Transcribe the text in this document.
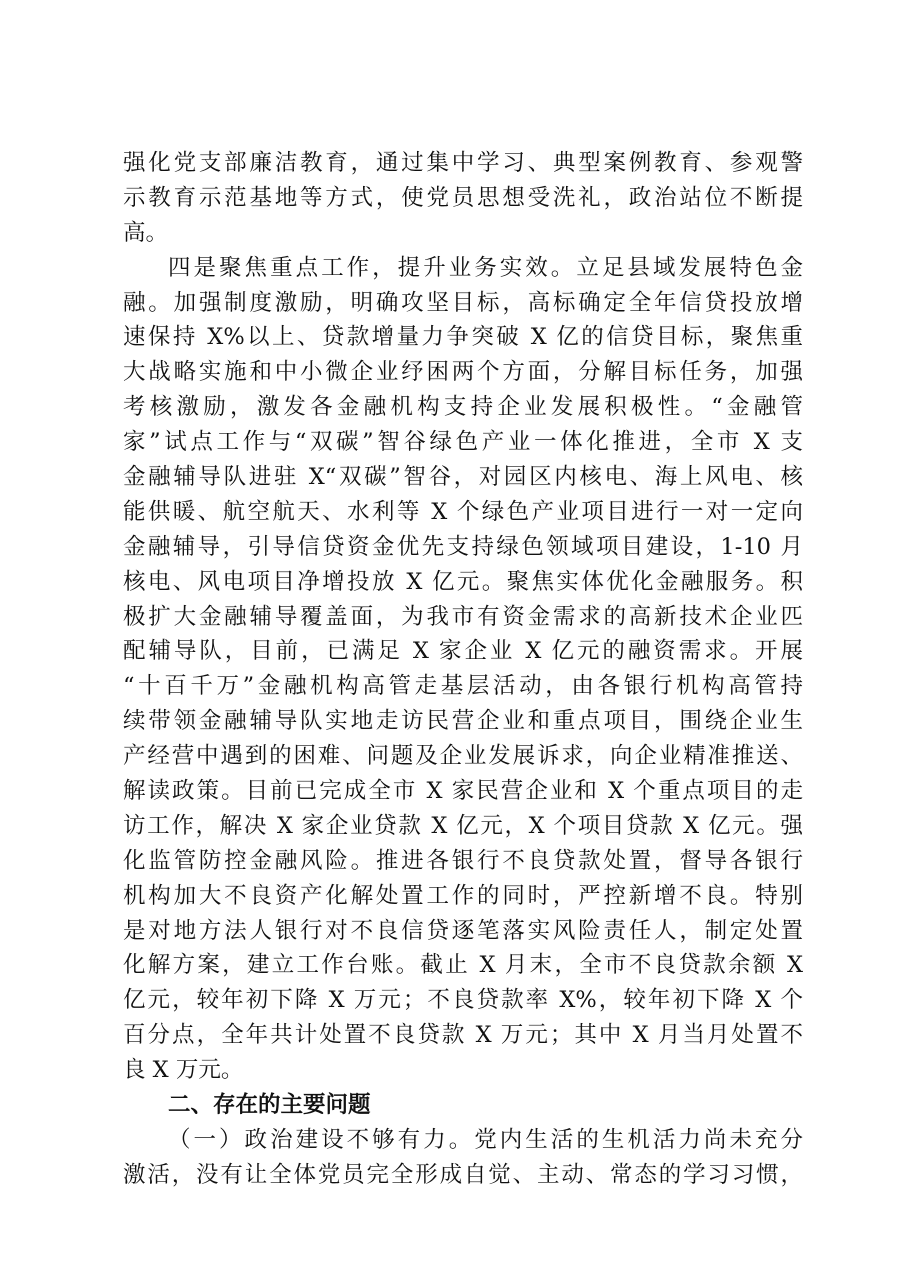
强化党支部廉洁教育，通过集中学习、典型案例教育、参观警
示教育示范基地等方式，使党员思想受洗礼，政治站位不断提
高。
四是聚焦重点工作，提升业务实效。立足县域发展特色金
融。加强制度激励，明确攻坚目标，高标确定全年信贷投放增
速保持 X%以上、贷款增量力争突破 X 亿的信贷目标，聚焦重
大战略实施和中小微企业纾困两个方面，分解目标任务，加强
考核激励，激发各金融机构支持企业发展积极性。“金融管
家”试点工作与“双碳”智谷绿色产业一体化推进，全市 X 支
金融辅导队进驻 X“双碳”智谷，对园区内核电、海上风电、核
能供暖、航空航天、水利等 X 个绿色产业项目进行一对一定向
金融辅导，引导信贷资金优先支持绿色领域项目建设，1-10 月
核电、风电项目净增投放 X 亿元。聚焦实体优化金融服务。积
极扩大金融辅导覆盖面，为我市有资金需求的高新技术企业匹
配辅导队，目前，已满足 X 家企业 X 亿元的融资需求。开展
“十百千万”金融机构高管走基层活动，由各银行机构高管持
续带领金融辅导队实地走访民营企业和重点项目，围绕企业生
产经营中遇到的困难、问题及企业发展诉求，向企业精准推送、
解读政策。目前已完成全市 X 家民营企业和 X 个重点项目的走
访工作，解决 X 家企业贷款 X 亿元，X 个项目贷款 X 亿元。强
化监管防控金融风险。推进各银行不良贷款处置，督导各银行
机构加大不良资产化解处置工作的同时，严控新增不良。特别
是对地方法人银行对不良信贷逐笔落实风险责任人，制定处置
化解方案，建立工作台账。截止 X 月末，全市不良贷款余额 X
亿元，较年初下降 X 万元；不良贷款率 X%，较年初下降 X 个
百分点，全年共计处置不良贷款 X 万元；其中 X 月当月处置不
良 X 万元。
二、存在的主要问题
（一）政治建设不够有力。党内生活的生机活力尚未充分
激活，没有让全体党员完全形成自觉、主动、常态的学习习惯，
